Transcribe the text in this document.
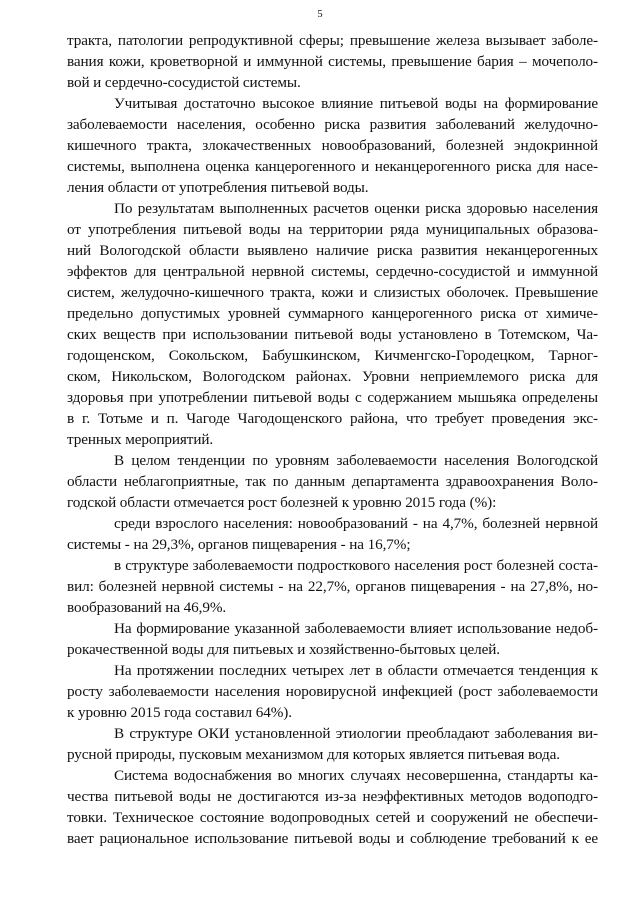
5
тракта, патологии репродуктивной сферы; превышение железа вызывает заболе-
вания кожи, кроветворной и иммунной системы, превышение бария – мочеполо-
вой и сердечно-сосудистой системы.
Учитывая достаточно высокое влияние питьевой воды на формирование
заболеваемости населения, особенно риска развития заболеваний желудочно-
кишечного тракта, злокачественных новообразований, болезней эндокринной
системы, выполнена оценка канцерогенного и неканцерогенного риска для насе-
ления области от употребления питьевой воды.
По результатам выполненных расчетов оценки риска здоровью населения
от употребления питьевой воды на территории ряда муниципальных образова-
ний Вологодской области выявлено наличие риска развития неканцерогенных
эффектов для центральной нервной системы, сердечно-сосудистой и иммунной
систем, желудочно-кишечного тракта, кожи и слизистых оболочек. Превышение
предельно допустимых уровней суммарного канцерогенного риска от химиче-
ских веществ при использовании питьевой воды установлено в Тотемском, Ча-
годощенском, Сокольском, Бабушкинском, Кичменгско-Городецком, Тарног-
ском, Никольском, Вологодском районах. Уровни неприемлемого риска для
здоровья при употреблении питьевой воды с содержанием мышьяка определены
в г. Тотьме и п. Чагоде Чагодощенского района, что требует проведения экс-
тренных мероприятий.
В целом тенденции по уровням заболеваемости населения Вологодской
области неблагоприятные, так по данным департамента здравоохранения Воло-
годской области отмечается рост болезней к уровню 2015 года (%):
среди взрослого населения: новообразований - на 4,7%, болезней нервной
системы - на 29,3%, органов пищеварения - на 16,7%;
в структуре заболеваемости подросткового населения рост болезней соста-
вил: болезней нервной системы - на 22,7%, органов пищеварения - на 27,8%, но-
вообразований на 46,9%.
На формирование указанной заболеваемости влияет использование недоб-
рокачественной воды для питьевых и хозяйственно-бытовых целей.
На протяжении последних четырех лет в области отмечается тенденция к
росту заболеваемости населения норовирусной инфекцией (рост заболеваемости
к уровню 2015 года составил 64%).
В структуре ОКИ установленной этиологии преобладают заболевания ви-
русной природы, пусковым механизмом для которых является питьевая вода.
Система водоснабжения во многих случаях несовершенна, стандарты ка-
чества питьевой воды не достигаются из-за неэффективных методов водоподго-
товки. Техническое состояние водопроводных сетей и сооружений не обеспечи-
вает рациональное использование питьевой воды и соблюдение требований к ее
